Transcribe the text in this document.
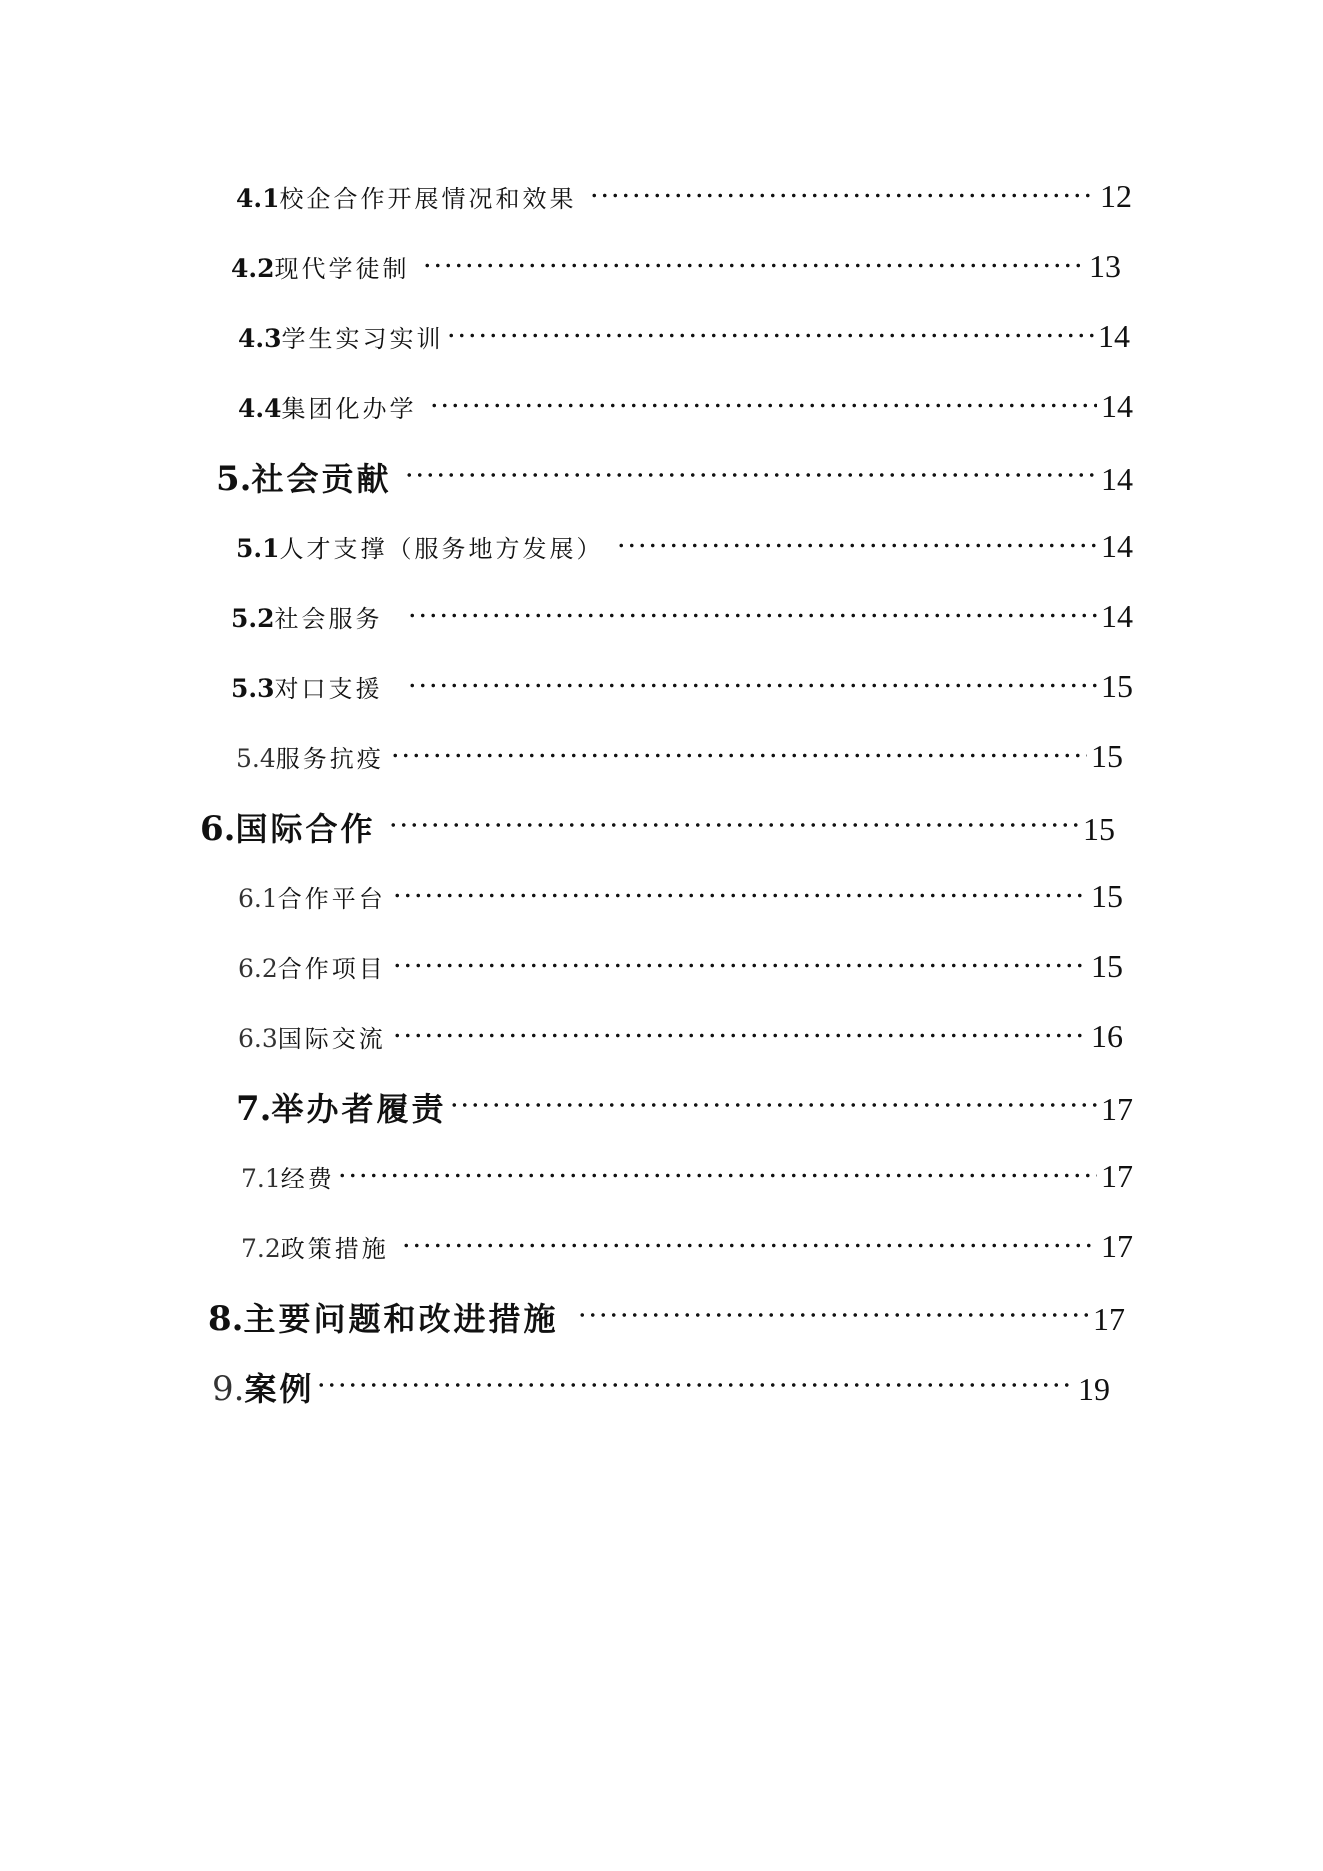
4.1 校企合作开展情况和效果	12
4.2 现代学徒制	13
4.3 学生实习实训	14
4.4 集团化办学	14
5. 社会贡献	14
5.1 人才支撑（服务地方发展）	14
5.2 社会服务	14
5.3 对口支援	15
5.4 服务抗疫	15
6. 国际合作	15
6.1 合作平台	15
6.2 合作项目	15
6.3 国际交流	16
7. 举办者履责	17
7.1 经费	17
7.2 政策措施	17
8. 主要问题和改进措施	17
9. 案例	19
